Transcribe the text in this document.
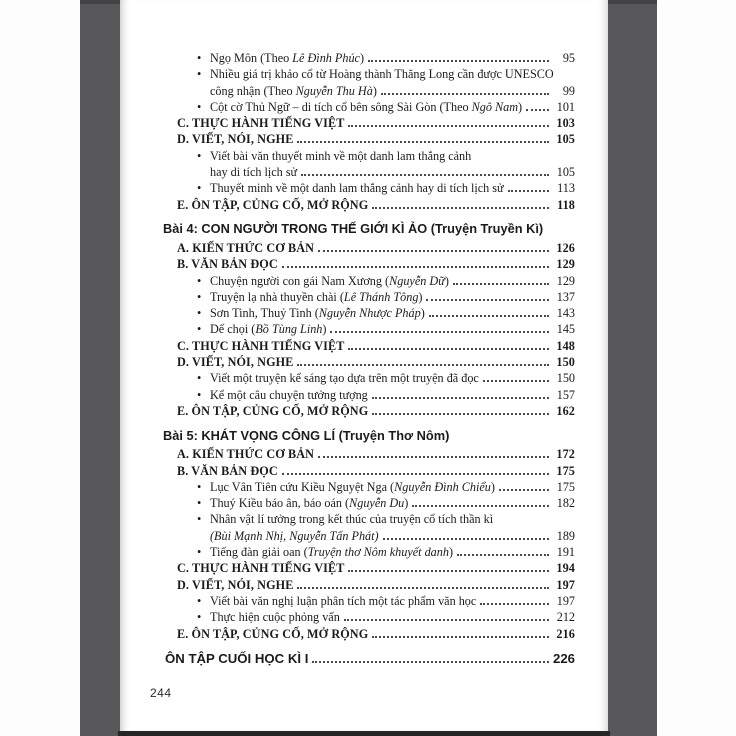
• Ngọ Môn (Theo Lê Đình Phúc)	95
• Nhiều giá trị khảo cổ từ Hoàng thành Thăng Long cần được UNESCO
công nhận (Theo Nguyễn Thu Hà)	99
• Cột cờ Thủ Ngữ – di tích cổ bên sông Sài Gòn (Theo Ngô Nam)	101
C. THỰC HÀNH TIẾNG VIỆT	103
D. VIẾT, NÓI, NGHE	105
• Viết bài văn thuyết minh về một danh lam thắng cảnh
hay di tích lịch sử	105
• Thuyết minh về một danh lam thắng cảnh hay di tích lịch sử	113
E. ÔN TẬP, CỦNG CỐ, MỞ RỘNG	118
Bài 4: CON NGƯỜI TRONG THẾ GIỚI KÌ ẢO (Truyện Truyền Kì)
A. KIẾN THỨC CƠ BẢN	126
B. VĂN BẢN ĐỌC	129
• Chuyện người con gái Nam Xương (Nguyễn Dữ)	129
• Truyện lạ nhà thuyền chài (Lê Thánh Tông)	137
• Sơn Tinh, Thuỷ Tinh (Nguyễn Nhược Pháp)	143
• Dế chọi (Bồ Tùng Linh)	145
C. THỰC HÀNH TIẾNG VIỆT	148
D. VIẾT, NÓI, NGHE	150
• Viết một truyện kể sáng tạo dựa trên một truyện đã đọc	150
• Kể một câu chuyện tưởng tượng	157
E. ÔN TẬP, CỦNG CỐ, MỞ RỘNG	162
Bài 5: KHÁT VỌNG CÔNG LÍ (Truyện Thơ Nôm)
A. KIẾN THỨC CƠ BẢN	172
B. VĂN BẢN ĐỌC	175
• Lục Vân Tiên cứu Kiều Nguyệt Nga (Nguyễn Đình Chiểu)	175
• Thuý Kiều báo ân, báo oán (Nguyễn Du)	182
• Nhân vật lí tưởng trong kết thúc của truyện cổ tích thần kì
(Bùi Mạnh Nhị, Nguyễn Tấn Phát)	189
• Tiếng đàn giải oan (Truyện thơ Nôm khuyết danh)	191
C. THỰC HÀNH TIẾNG VIỆT	194
D. VIẾT, NÓI, NGHE	197
• Viết bài văn nghị luận phân tích một tác phẩm văn học	197
• Thực hiện cuộc phỏng vấn	212
E. ÔN TẬP, CỦNG CỐ, MỞ RỘNG	216
ÔN TẬP CUỐI HỌC KÌ I	226
244
